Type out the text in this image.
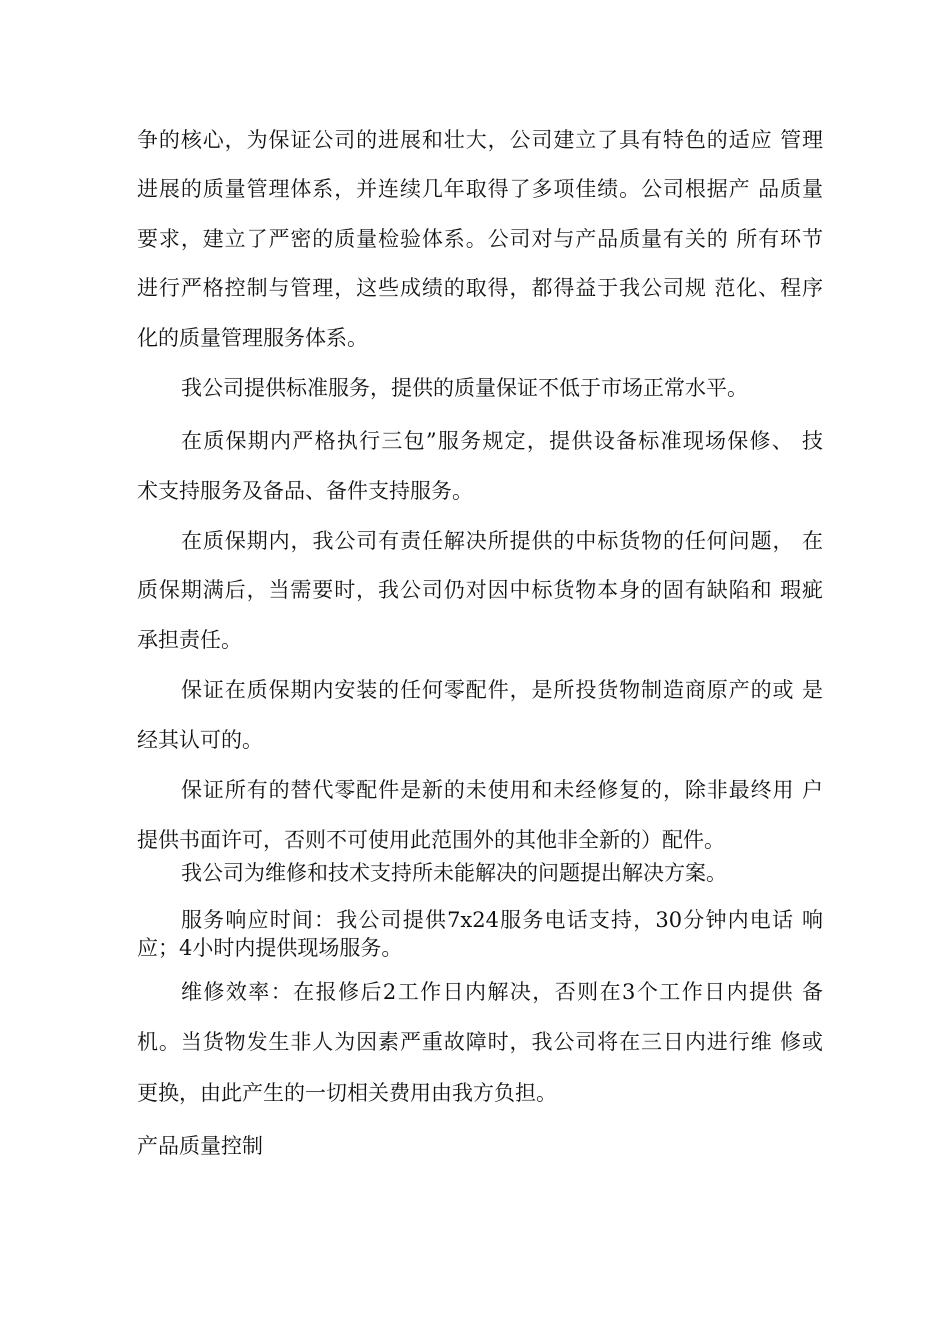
争的核心，为保证公司的进展和壮大，公司建立了具有特色的适应 管理
进展的质量管理体系，并连续几年取得了多项佳绩。公司根据产 品质量
要求，建立了严密的质量检验体系。公司对与产品质量有关的 所有环节
进行严格控制与管理，这些成绩的取得，都得益于我公司规 范化、程序
化的质量管理服务体系。
我公司提供标准服务，提供的质量保证不低于市场正常水平。
在质保期内严格执行三包”服务规定，提供设备标准现场保修、 技
术支持服务及备品、备件支持服务。
在质保期内，我公司有责任解决所提供的中标货物的任何问题， 在
质保期满后，当需要时，我公司仍对因中标货物本身的固有缺陷和 瑕疵
承担责任。
保证在质保期内安装的任何零配件，是所投货物制造商原产的或 是
经其认可的。
保证所有的替代零配件是新的未使用和未经修复的，除非最终用 户
提供书面许可，否则不可使用此范围外的其他非全新的）配件。
我公司为维修和技术支持所未能解决的问题提出解决方案。
服务响应时间：我公司提供7x24服务电话支持，30分钟内电话 响
应；4小时内提供现场服务。
维修效率：在报修后2工作日内解决，否则在3个工作日内提供 备
机。当货物发生非人为因素严重故障时，我公司将在三日内进行维 修或
更换，由此产生的一切相关费用由我方负担。
产品质量控制
